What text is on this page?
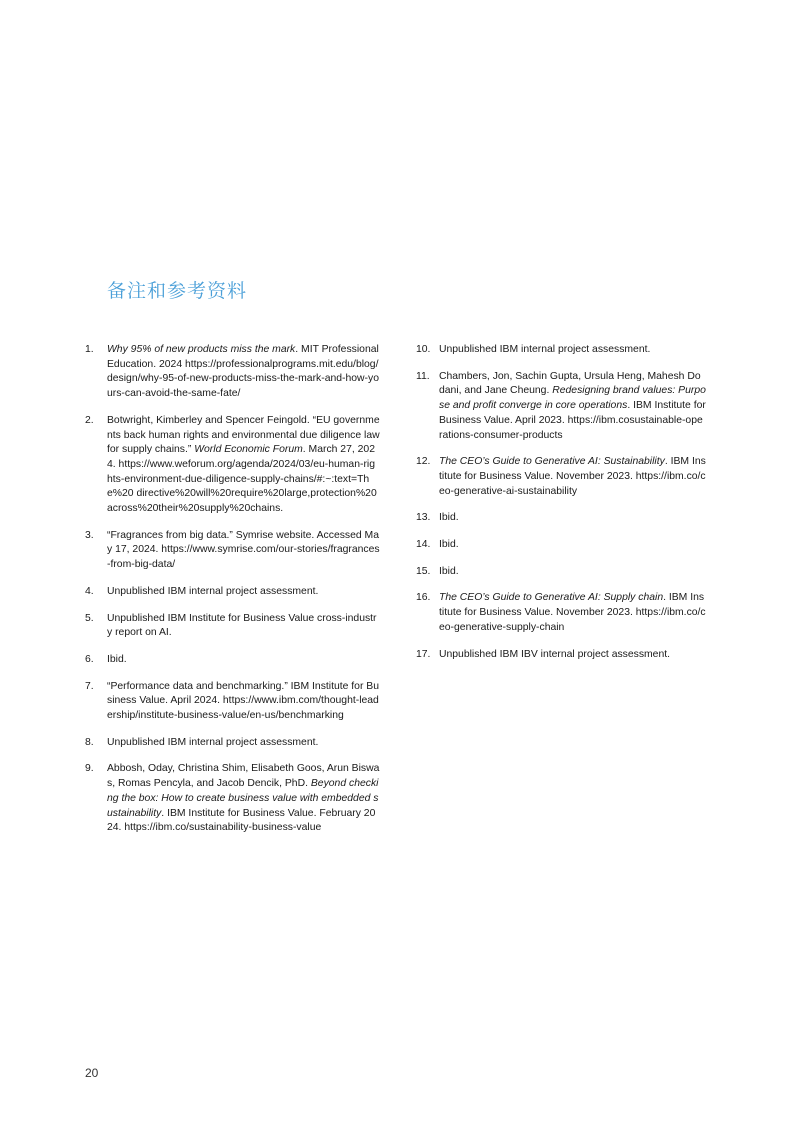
备注和参考资料
1.	Why 95% of new products miss the mark. MIT Professional Education. 2024 https://professionalprograms.mit.edu/blog/design/why-95-of-new-products-miss-the-mark-and-how-yours-can-avoid-the-same-fate/
2.	Botwright, Kimberley and Spencer Feingold. “EU governments back human rights and environmental due diligence law for supply chains.” World Economic Forum. March 27, 2024. https://www.weforum.org/agenda/2024/03/eu-human-rights-environment-due-diligence-supply-chains/#:~:text=The%20 directive%20will%20require%20large,protection%20 across%20their%20supply%20chains.
3.	“Fragrances from big data.” Symrise website. Accessed May 17, 2024. https://www.symrise.com/our-stories/fragrances-from-big-data/
4.	Unpublished IBM internal project assessment.
5.	Unpublished IBM Institute for Business Value cross-industry report on AI.
6.	Ibid.
7.	“Performance data and benchmarking.” IBM Institute for Business Value. April 2024. https://www.ibm.com/thought-leadership/institute-business-value/en-us/benchmarking
8.	Unpublished IBM internal project assessment.
9.	Abbosh, Oday, Christina Shim, Elisabeth Goos, Arun Biswas, Romas Pencyla, and Jacob Dencik, PhD. Beyond checking the box: How to create business value with embedded sustainability. IBM Institute for Business Value. February 2024. https://ibm.co/sustainability-business-value
10. Unpublished IBM internal project assessment.
11. Chambers, Jon, Sachin Gupta, Ursula Heng, Mahesh Dodani, and Jane Cheung. Redesigning brand values: Purpose and profit converge in core operations. IBM Institute for Business Value. April 2023. https://ibm.cosustainable-operations-consumer-products
12. The CEO’s Guide to Generative AI: Sustainability. IBM Institute for Business Value. November 2023. https://ibm.co/ceo-generative-ai-sustainability
13. Ibid.
14. Ibid.
15. Ibid.
16. The CEO’s Guide to Generative AI: Supply chain. IBM Institute for Business Value. November 2023. https://ibm.co/ceo-generative-supply-chain
17. Unpublished IBM IBV internal project assessment.
20
